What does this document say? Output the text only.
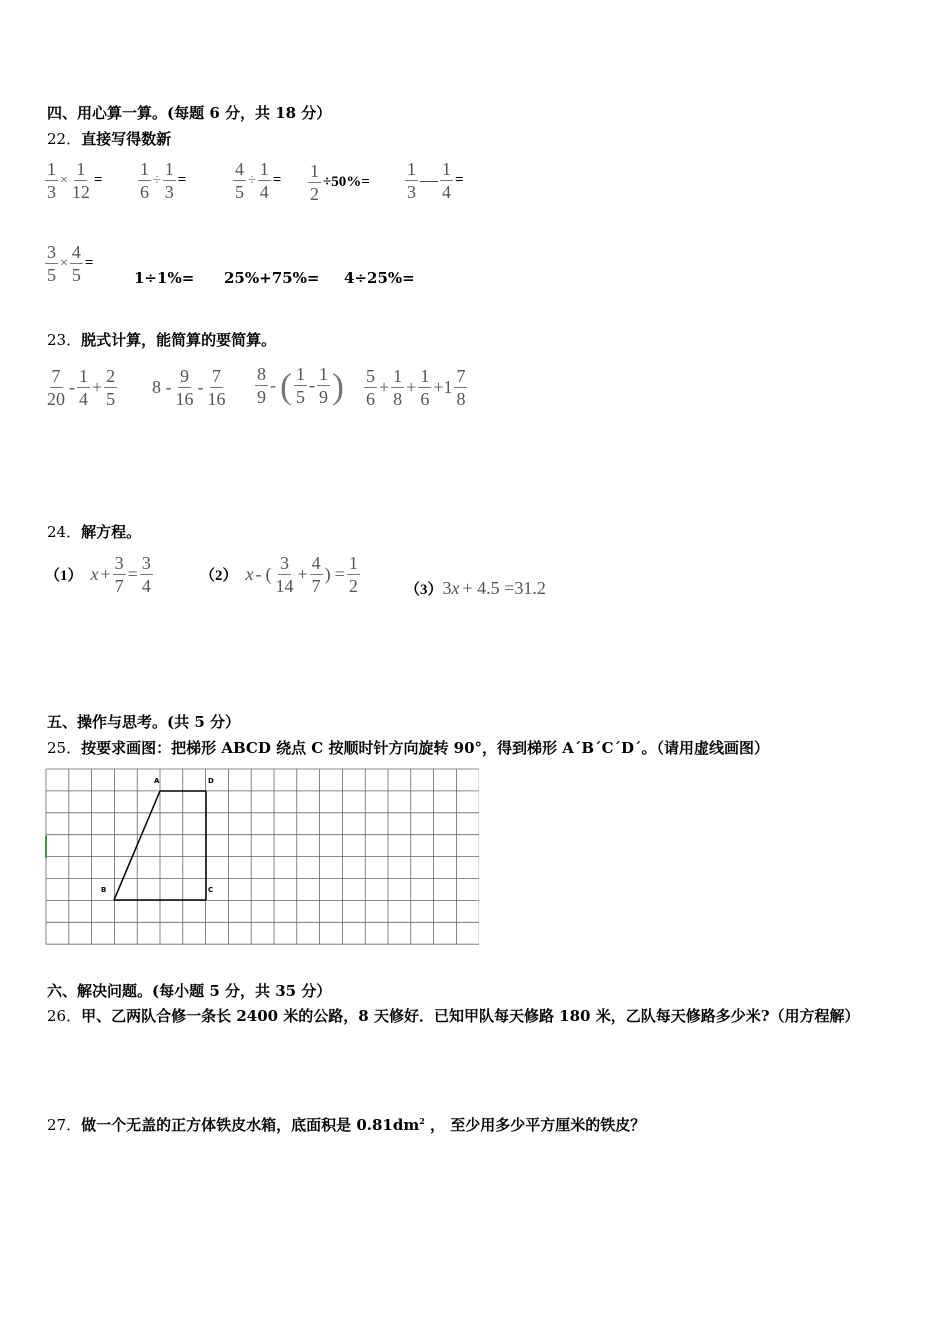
四、用心算一算。(每题 6 分，共 18 分）
22．直接写得数新
$\frac{1}{3} \times \frac{1}{12} = \frac{1}{6} \div \frac{1}{3}$ =	$\frac{4}{5} \div \frac{1}{4} = \frac{1}{2} \div 50\%= \frac{1}{3}$ — $\frac{1}{4}$ =
$\frac{3}{5} \times \frac{4}{5}$ =
1÷1%= 25%+75%= 4÷25%=
23．脱式计算，能简算的要简算。
$\frac{7}{20} - \frac{1}{4} + \frac{2}{5} 8 - \frac{9}{16} - \frac{7}{16} \frac{8}{9}$ - ( $\frac{1}{5} - \frac{1}{9}$ ) $\frac{5}{6} + \frac{1}{8} + \frac{1}{6} +1 \frac{7}{8}$
24．解方程。
（1） $x + \frac{3}{7} = \frac{3}{4}$	（2） x - ( $\frac{3}{14} + \frac{4}{7}$ ) = $\frac{1}{2}$	（3） 3 x + 4.5 =31.2
五、操作与思考。(共 5 分）
25．按要求画图：把梯形 ABCD 绕点 C 按顺时针方向旋转 90°，得到梯形 A´B´C´D´。（请用虚线画图）
A	D
B	C
六、解决问题。(每小题 5 分，共 35 分）
26．甲、乙两队合修一条长 2400 米的公路，8 天修好．已知甲队每天修路 180 米，乙队每天修路多少米?（用方程解）
27．做一个无盖的正方体铁皮水箱，底面积是 $0.81dm^2$ ， 至少用多少平方厘米的铁皮？
